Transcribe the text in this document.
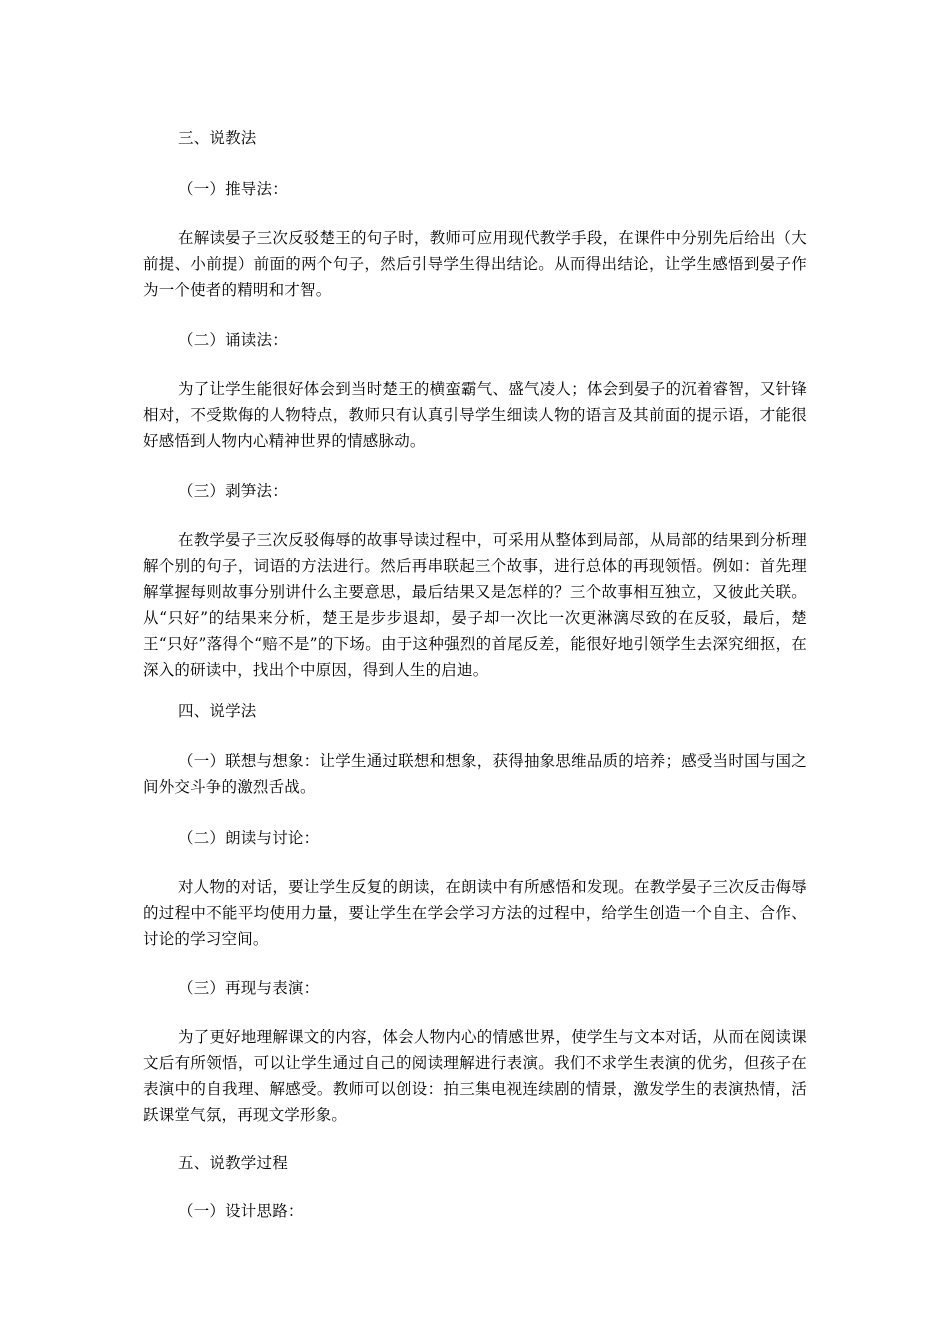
三、说教法
（一）推导法：
在解读晏子三次反驳楚王的句子时，教师可应用现代教学手段，在课件中分别先后给出（大前提、小前提）前面的两个句子，然后引导学生得出结论。从而得出结论，让学生感悟到晏子作为一个使者的精明和才智。
（二）诵读法：
为了让学生能很好体会到当时楚王的横蛮霸气、盛气凌人；体会到晏子的沉着睿智，又针锋相对，不受欺侮的人物特点，教师只有认真引导学生细读人物的语言及其前面的提示语，才能很好感悟到人物内心精神世界的情感脉动。
（三）剥笋法：
在教学晏子三次反驳侮辱的故事导读过程中，可采用从整体到局部，从局部的结果到分析理解个别的句子，词语的方法进行。然后再串联起三个故事，进行总体的再现领悟。例如：首先理解掌握每则故事分别讲什么主要意思，最后结果又是怎样的？三个故事相互独立，又彼此关联。从“只好”的结果来分析，楚王是步步退却，晏子却一次比一次更淋漓尽致的在反驳，最后，楚王“只好”落得个“赔不是”的下场。由于这种强烈的首尾反差，能很好地引领学生去深究细抠，在深入的研读中，找出个中原因，得到人生的启迪。
四、说学法
（一）联想与想象：让学生通过联想和想象，获得抽象思维品质的培养；感受当时国与国之间外交斗争的激烈舌战。
（二）朗读与讨论：
对人物的对话，要让学生反复的朗读，在朗读中有所感悟和发现。在教学晏子三次反击侮辱的过程中不能平均使用力量，要让学生在学会学习方法的过程中，给学生创造一个自主、合作、讨论的学习空间。
（三）再现与表演：
为了更好地理解课文的内容，体会人物内心的情感世界，使学生与文本对话，从而在阅读课文后有所领悟，可以让学生通过自己的阅读理解进行表演。我们不求学生表演的优劣，但孩子在表演中的自我理、解感受。教师可以创设：拍三集电视连续剧的情景，激发学生的表演热情，活跃课堂气氛，再现文学形象。
五、说教学过程
（一）设计思路：
